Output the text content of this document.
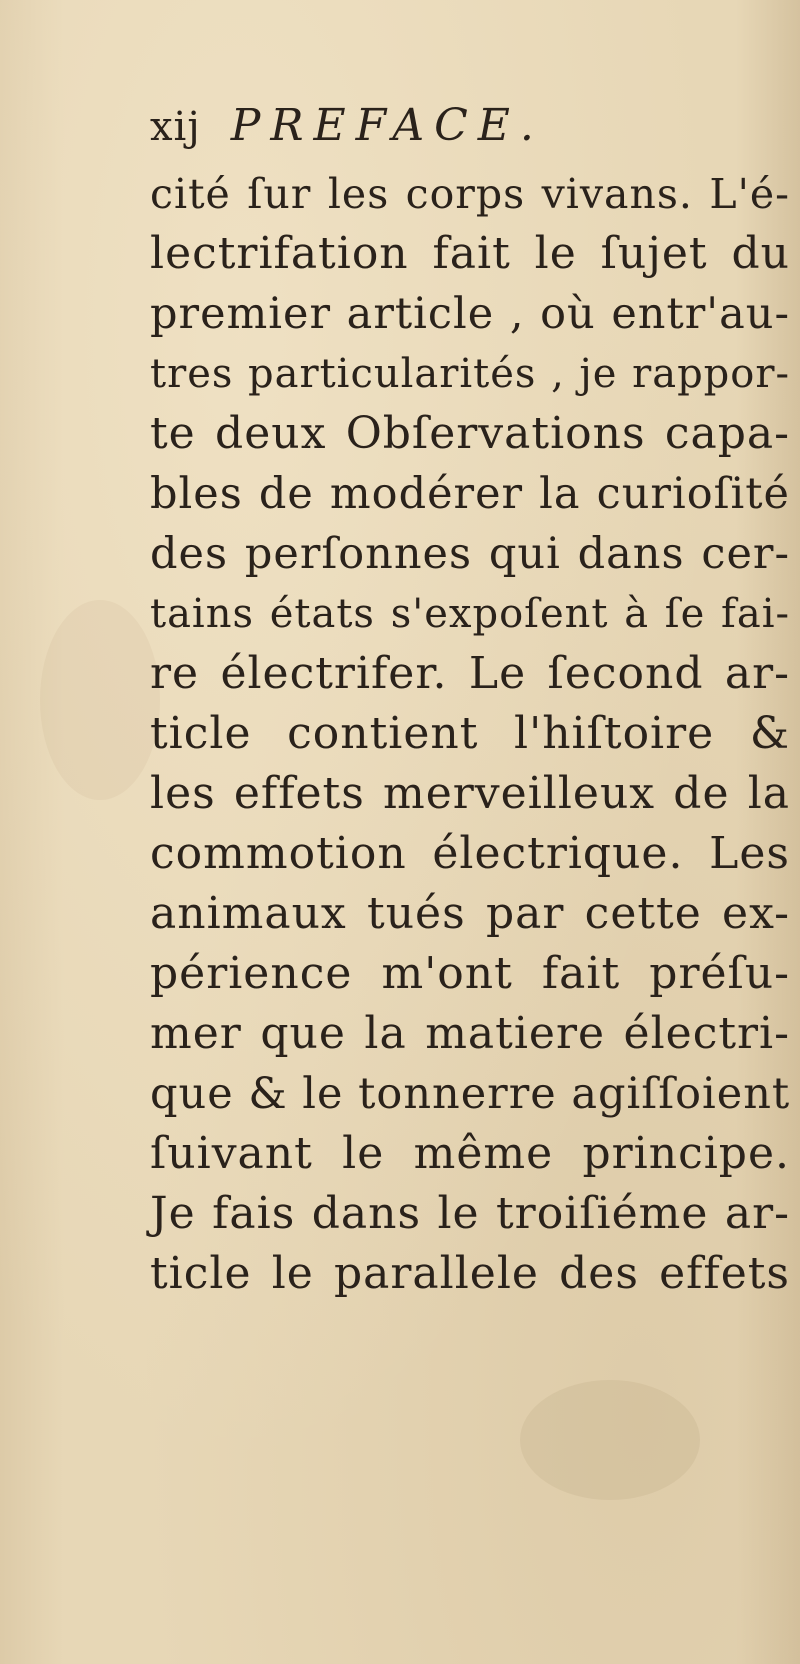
xij PREFACE.
cité ſur les corps vivans. L'é-
lectrifation fait le ſujet du
premier article , où entr'au-
tres particularités , je rappor-
te deux Obſervations capa-
bles de modérer la curioſité
des perſonnes qui dans cer-
tains états s'expoſent à ſe fai-
re électrifer. Le ſecond ar-
ticle contient l'hiſtoire &
les effets merveilleux de la
commotion électrique. Les
animaux tués par cette ex-
périence m'ont fait préſu-
mer que la matiere électri-
que & le tonnerre agiſſoient
ſuivant le même principe.
Je fais dans le troiſiéme ar-
ticle le parallele des effets
